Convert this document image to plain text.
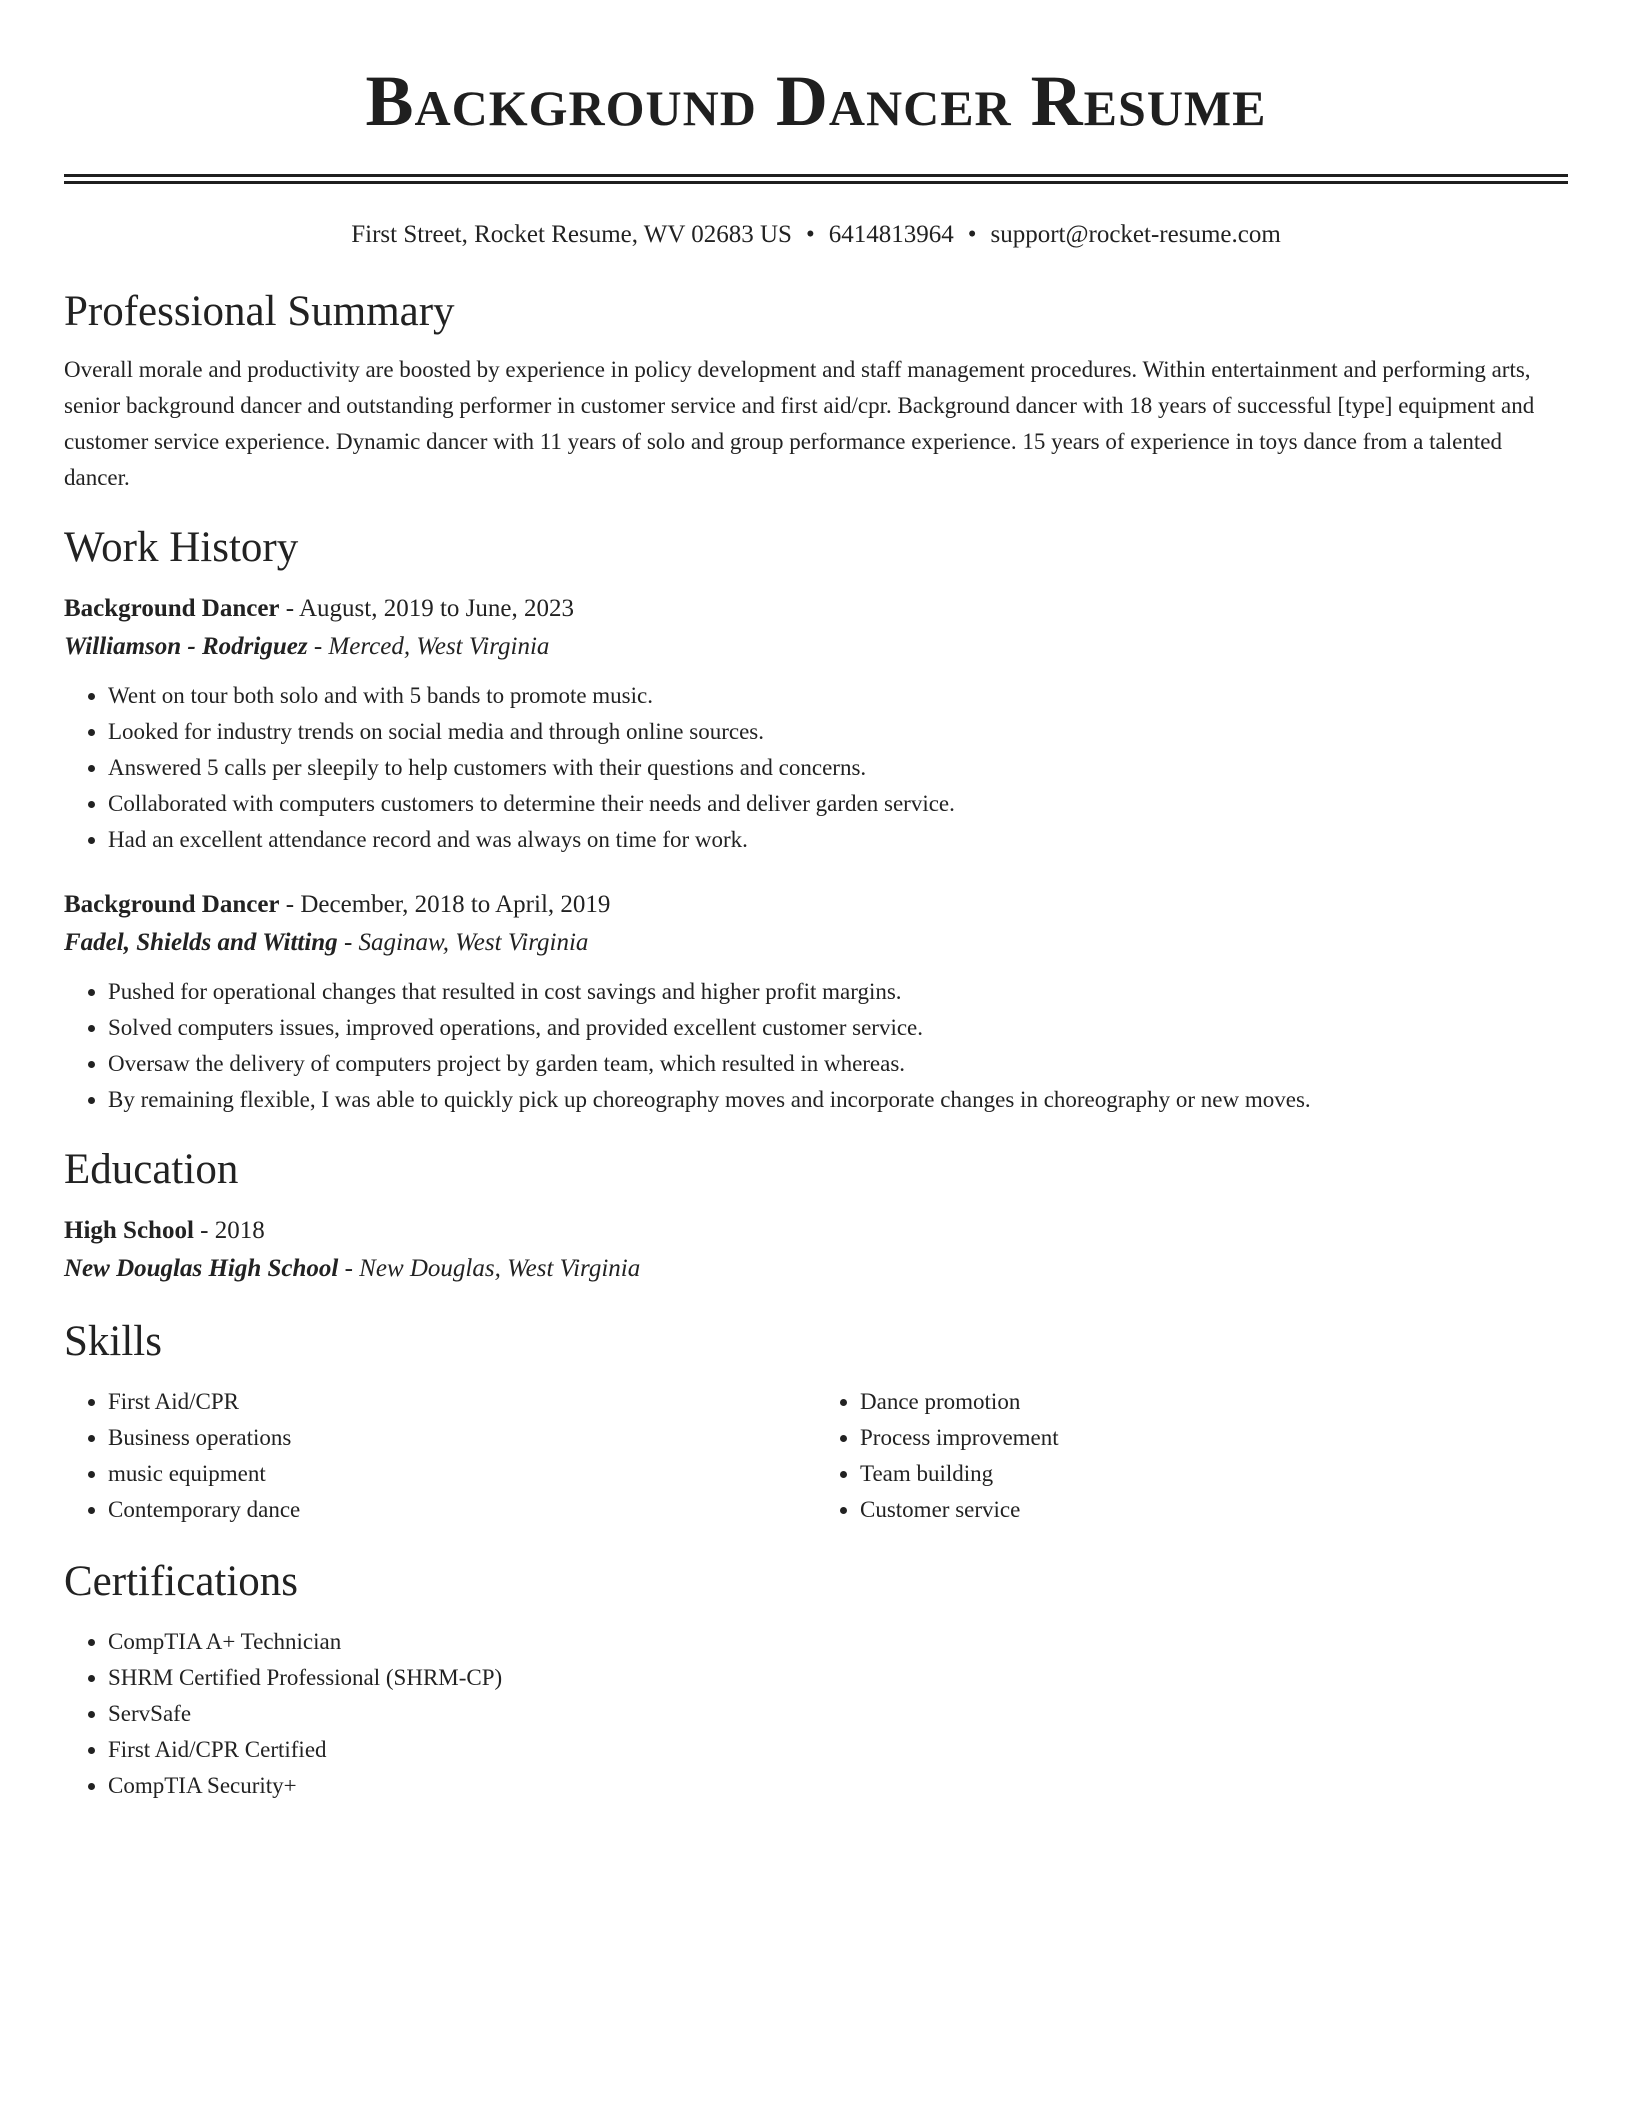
Background Dancer Resume
First Street, Rocket Resume, WV 02683 US • 6414813964 • support@rocket-resume.com
Professional Summary

Overall morale and productivity are boosted by experience in policy development and staff management procedures. Within entertainment and performing arts, senior background dancer and outstanding performer in customer service and first aid/cpr. Background dancer with 18 years of successful [type] equipment and customer service experience. Dynamic dancer with 11 years of solo and group performance experience. 15 years of experience in toys dance from a talented dancer.

Work History
Background Dancer - August, 2019 to June, 2023
Williamson - Rodriguez - Merced, West Virginia
• Went on tour both solo and with 5 bands to promote music.
• Looked for industry trends on social media and through online sources.
• Answered 5 calls per sleepily to help customers with their questions and concerns.
• Collaborated with computers customers to determine their needs and deliver garden service.
• Had an excellent attendance record and was always on time for work.
Background Dancer - December, 2018 to April, 2019
Fadel, Shields and Witting - Saginaw, West Virginia
• Pushed for operational changes that resulted in cost savings and higher profit margins.
• Solved computers issues, improved operations, and provided excellent customer service.
• Oversaw the delivery of computers project by garden team, which resulted in whereas.
• By remaining flexible, I was able to quickly pick up choreography moves and incorporate changes in choreography or new moves.
Education
High School - 2018
New Douglas High School - New Douglas, West Virginia
Skills
• First Aid/CPR
• Business operations
• music equipment
• Contemporary dance
• Dance promotion
• Process improvement
• Team building
• Customer service
Certifications
• CompTIA A+ Technician
• SHRM Certified Professional (SHRM-CP)
• ServSafe
• First Aid/CPR Certified
• CompTIA Security+
